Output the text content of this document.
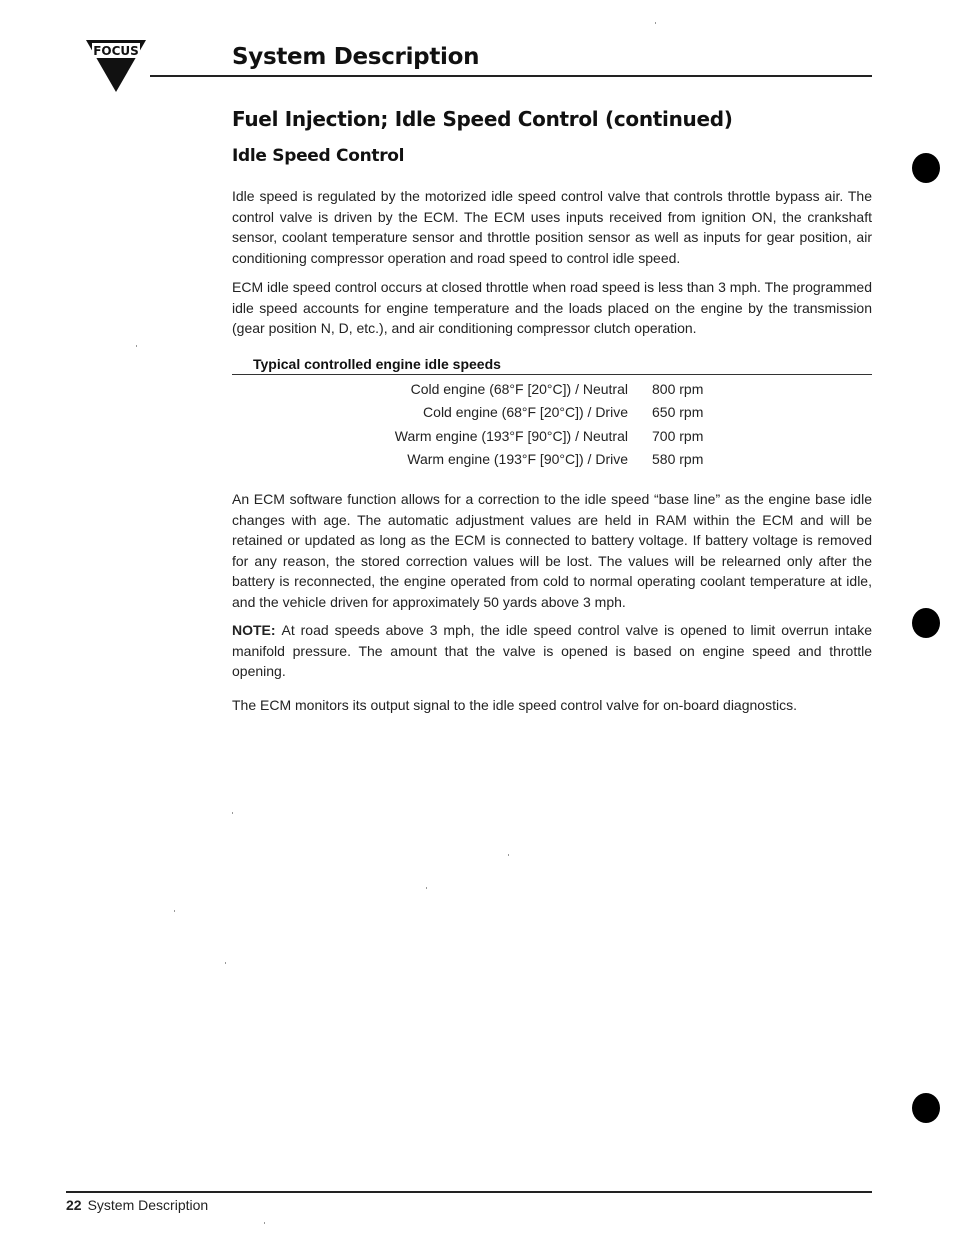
FOCUS	System Description
Fuel Injection; Idle Speed Control (continued)
Idle Speed Control

Idle speed is regulated by the motorized idle speed control valve that controls throttle bypass air. The control valve is driven by the ECM. The ECM uses inputs received from ignition ON, the crankshaft sensor, coolant temperature sensor and throttle position sensor as well as inputs for gear position, air conditioning compressor operation and road speed to control idle speed.

ECM idle speed control occurs at closed throttle when road speed is less than 3 mph. The programmed idle speed accounts for engine temperature and the loads placed on the engine by the transmission (gear position N, D, etc.), and air conditioning compressor clutch operation.

Typical controlled engine idle speeds
Cold engine (68°F [20°C]) / Neutral	800 rpm
Cold engine (68°F [20°C]) / Drive	650 rpm
Warm engine (193°F [90°C]) / Neutral	700 rpm
Warm engine (193°F [90°C]) / Drive	580 rpm

An ECM software function allows for a correction to the idle speed “base line” as the engine base idle changes with age. The automatic adjustment values are held in RAM within the ECM and will be retained or updated as long as the ECM is connected to battery voltage. If battery voltage is removed for any reason, the stored correction values will be lost. The values will be relearned only after the battery is reconnected, the engine operated from cold to normal operating coolant temperature at idle, and the vehicle driven for approximately 50 yards above 3 mph.

NOTE: At road speeds above 3 mph, the idle speed control valve is opened to limit overrun intake manifold pressure. The amount that the valve is opened is based on engine speed and throttle opening.

The ECM monitors its output signal to the idle speed control valve for on-board diagnostics.

22 System Description
